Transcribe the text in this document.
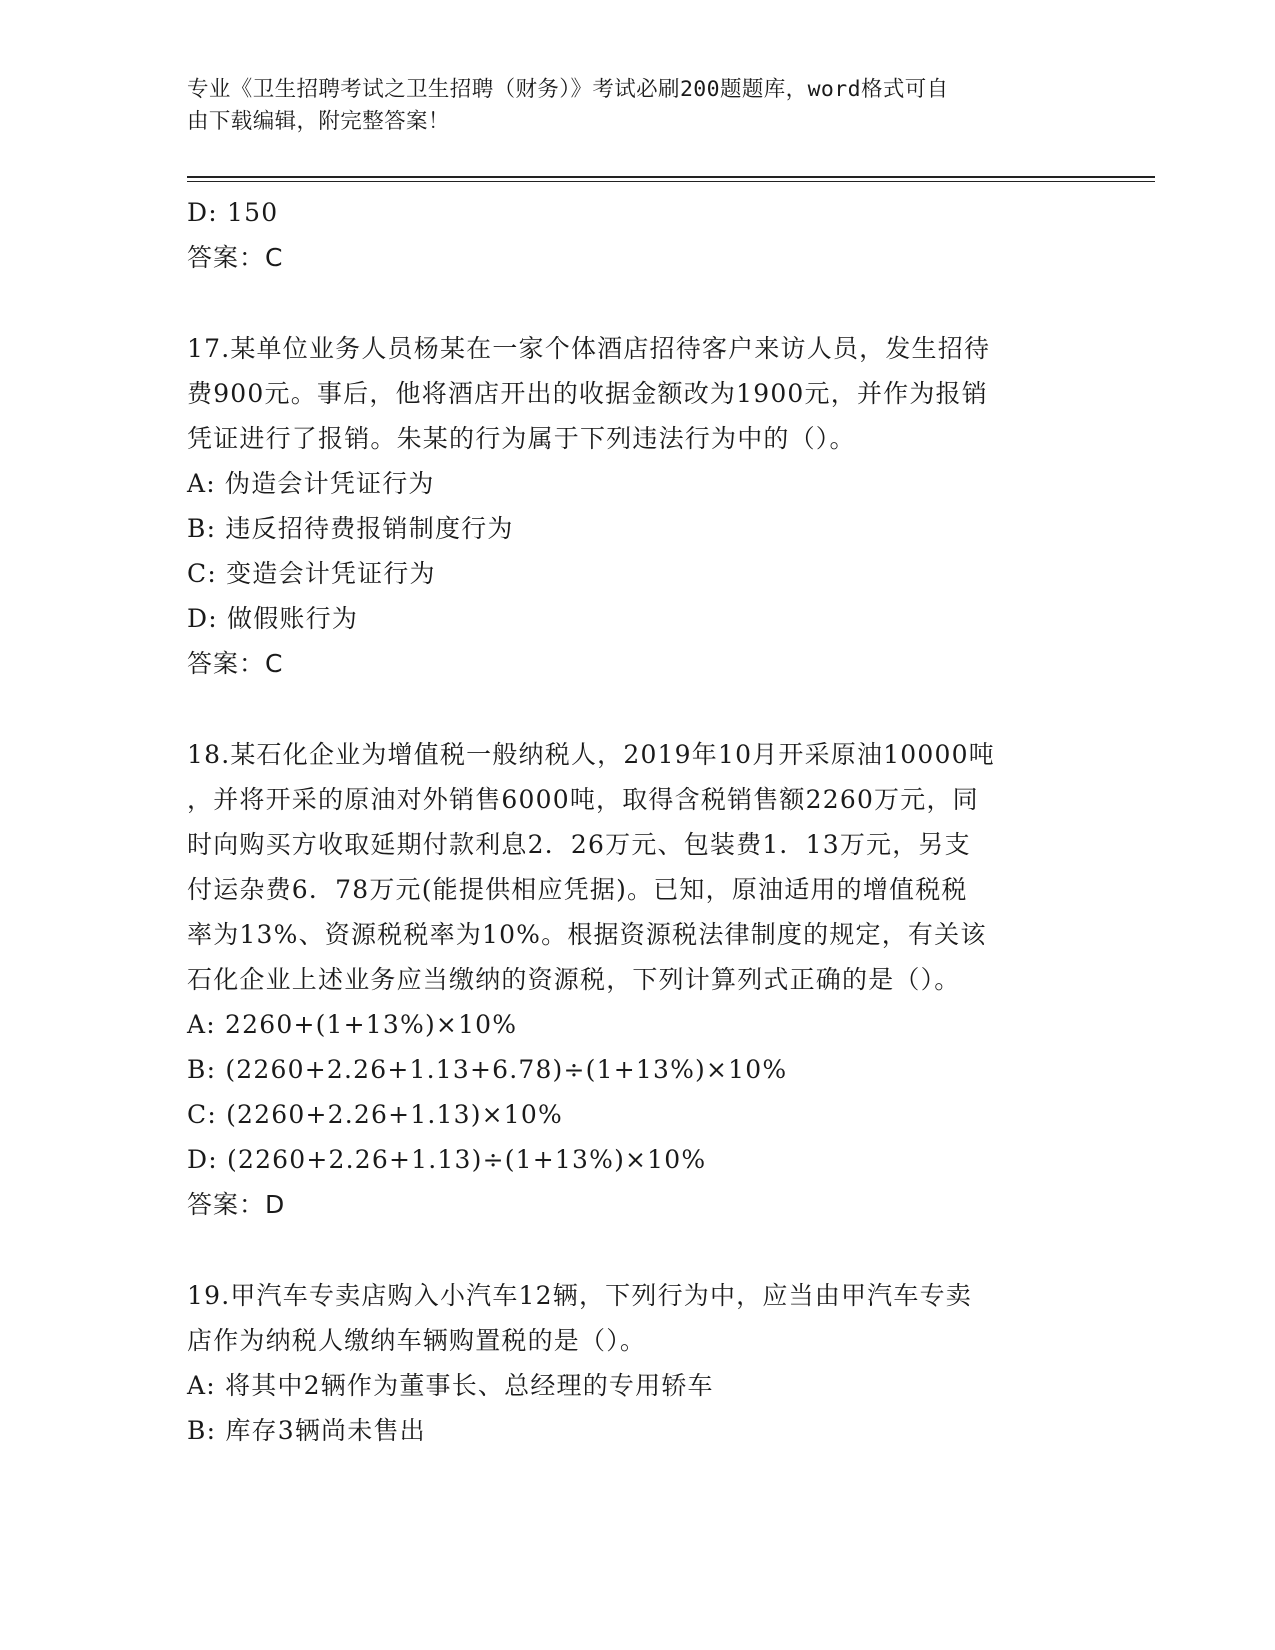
专业《卫生招聘考试之卫生招聘（财务）》考试必刷200题题库，word格式可自
由下载编辑，附完整答案！
D: 150
答案：C
17.某单位业务人员杨某在一家个体酒店招待客户来访人员，发生招待
费900元。事后，他将酒店开出的收据金额改为1900元，并作为报销
凭证进行了报销。朱某的行为属于下列违法行为中的（）。
A: 伪造会计凭证行为
B: 违反招待费报销制度行为
C: 变造会计凭证行为
D: 做假账行为
答案：C
18.某石化企业为增值税一般纳税人，2019年10月开采原油10000吨
，并将开采的原油对外销售6000吨，取得含税销售额2260万元，同
时向购买方收取延期付款利息2．26万元、包装费1．13万元，另支
付运杂费6．78万元(能提供相应凭据)。已知，原油适用的增值税税
率为13%、资源税税率为10%。根据资源税法律制度的规定，有关该
石化企业上述业务应当缴纳的资源税，下列计算列式正确的是（）。
A: 2260+(1+13%)×10%
B: (2260+2.26+1.13+6.78)÷(1+13%)×10%
C: (2260+2.26+1.13)×10%
D: (2260+2.26+1.13)÷(1+13%)×10%
答案：D
19.甲汽车专卖店购入小汽车12辆，下列行为中，应当由甲汽车专卖
店作为纳税人缴纳车辆购置税的是（）。
A: 将其中2辆作为董事长、总经理的专用轿车
B: 库存3辆尚未售出
